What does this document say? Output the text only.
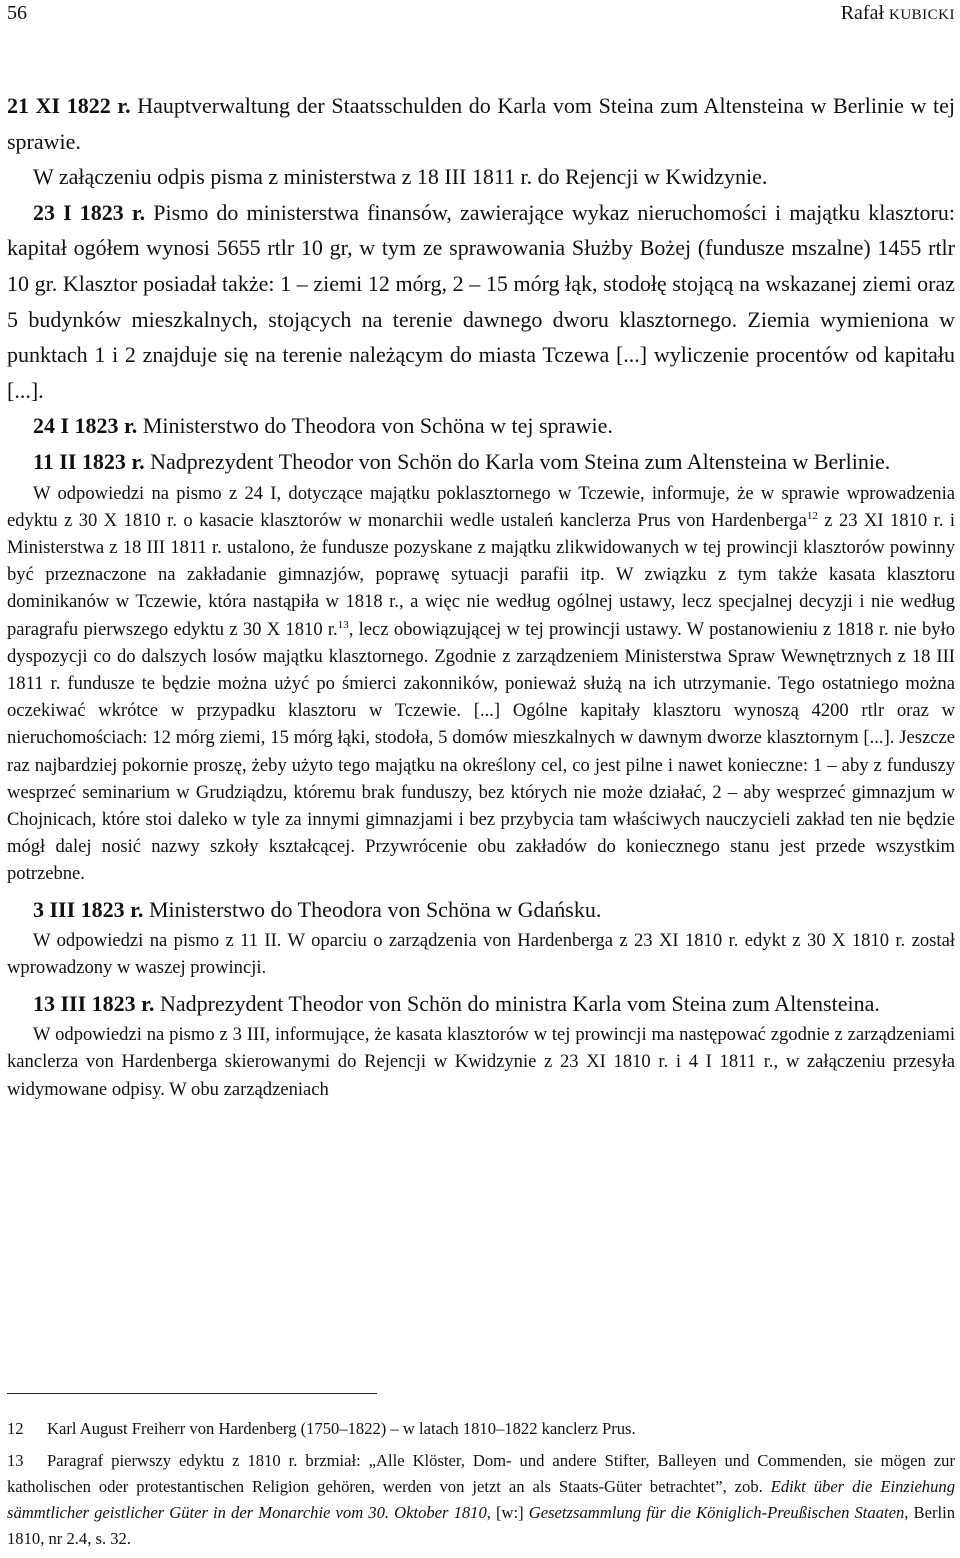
56	Rafał KUBICKI

21 XI 1822 r. Hauptverwaltung der Staatsschulden do Karla vom Steina zum Altensteina w Berlinie w tej sprawie.

W załączeniu odpis pisma z ministerstwa z 18 III 1811 r. do Rejencji w Kwidzynie.

23 I 1823 r. Pismo do ministerstwa finansów, zawierające wykaz nieruchomości i majątku klasztoru: kapitał ogółem wynosi 5655 rtlr 10 gr, w tym ze sprawowania Służby Bożej (fundusze mszalne) 1455 rtlr 10 gr. Klasztor posiadał także: 1 – ziemi 12 mórg, 2 – 15 mórg łąk, stodołę stojącą na wskazanej ziemi oraz 5 budynków mieszkalnych, stojących na terenie dawnego dworu klasztornego. Ziemia wymieniona w punktach 1 i 2 znajduje się na terenie należącym do miasta Tczewa [...] wyliczenie procentów od kapitału [...].

24 I 1823 r. Ministerstwo do Theodora von Schöna w tej sprawie.

11 II 1823 r. Nadprezydent Theodor von Schön do Karla vom Steina zum Altensteina w Berlinie.

W odpowiedzi na pismo z 24 I, dotyczące majątku poklasztornego w Tczewie, informuje, że w sprawie wprowadzenia edyktu z 30 X 1810 r. o kasacie klasztorów w monarchii wedle ustaleń kanclerza Prus von Hardenberga$^{12}$ z 23 XI 1810 r. i Ministerstwa z 18 III 1811 r. ustalono, że fundusze pozyskane z majątku zlikwidowanych w tej prowincji klasztorów powinny być przeznaczone na zakładanie gimnazjów, poprawę sytuacji parafii itp. W związku z tym także kasata klasztoru dominikanów w Tczewie, która nastąpiła w 1818 r., a więc nie według ogólnej ustawy, lecz specjalnej decyzji i nie według paragrafu pierwszego edyktu z 30 X 1810 r.$^{13}$, lecz obowiązującej w tej prowincji ustawy. W postanowieniu z 1818 r. nie było dyspozycji co do dalszych losów majątku klasztornego. Zgodnie z zarządzeniem Ministerstwa Spraw Wewnętrznych z 18 III 1811 r. fundusze te będzie można użyć po śmierci zakonników, ponieważ służą na ich utrzymanie. Tego ostatniego można oczekiwać wkrótce w przypadku klasztoru w Tczewie. [...] Ogólne kapitały klasztoru wynoszą 4200 rtlr oraz w nieruchomościach: 12 mórg ziemi, 15 mórg łąki, stodoła, 5 domów mieszkalnych w dawnym dworze klasztornym [...]. Jeszcze raz najbardziej pokornie proszę, żeby użyto tego majątku na określony cel, co jest pilne i nawet konieczne: 1 – aby z funduszy wesprzeć seminarium w Grudziądzu, któremu brak funduszy, bez których nie może działać, 2 – aby wesprzeć gimnazjum w Chojnicach, które stoi daleko w tyle za innymi gimnazjami i bez przybycia tam właściwych nauczycieli zakład ten nie będzie mógł dalej nosić nazwy szkoły kształcącej. Przywrócenie obu zakładów do koniecznego stanu jest przede wszystkim potrzebne.

3 III 1823 r. Ministerstwo do Theodora von Schöna w Gdańsku.

W odpowiedzi na pismo z 11 II. W oparciu o zarządzenia von Hardenberga z 23 XI 1810 r. edykt z 30 X 1810 r. został wprowadzony w waszej prowincji.

13 III 1823 r. Nadprezydent Theodor von Schön do ministra Karla vom Steina zum Altensteina.

W odpowiedzi na pismo z 3 III, informujące, że kasata klasztorów w tej prowincji ma następować zgodnie z zarządzeniami kanclerza von Hardenberga skierowanymi do Rejencji w Kwidzynie z 23 XI 1810 r. i 4 I 1811 r., w załączeniu przesyła widymowane odpisy. W obu zarządzeniach

12 Karl August Freiherr von Hardenberg (1750–1822) – w latach 1810–1822 kanclerz Prus.

13 Paragraf pierwszy edyktu z 1810 r. brzmiał: „Alle Klöster, Dom- und andere Stifter, Balleyen und Commenden, sie mögen zur katholischen oder protestantischen Religion gehören, werden von jetzt an als Staats-Güter betrachtet”, zob. Edikt über die Einziehung sämmtlicher geistlicher Güter in der Monarchie vom 30. Oktober 1810, [w:] Gesetzsammlung für die Königlich-Preußischen Staaten, Berlin 1810, nr 2.4, s. 32.
